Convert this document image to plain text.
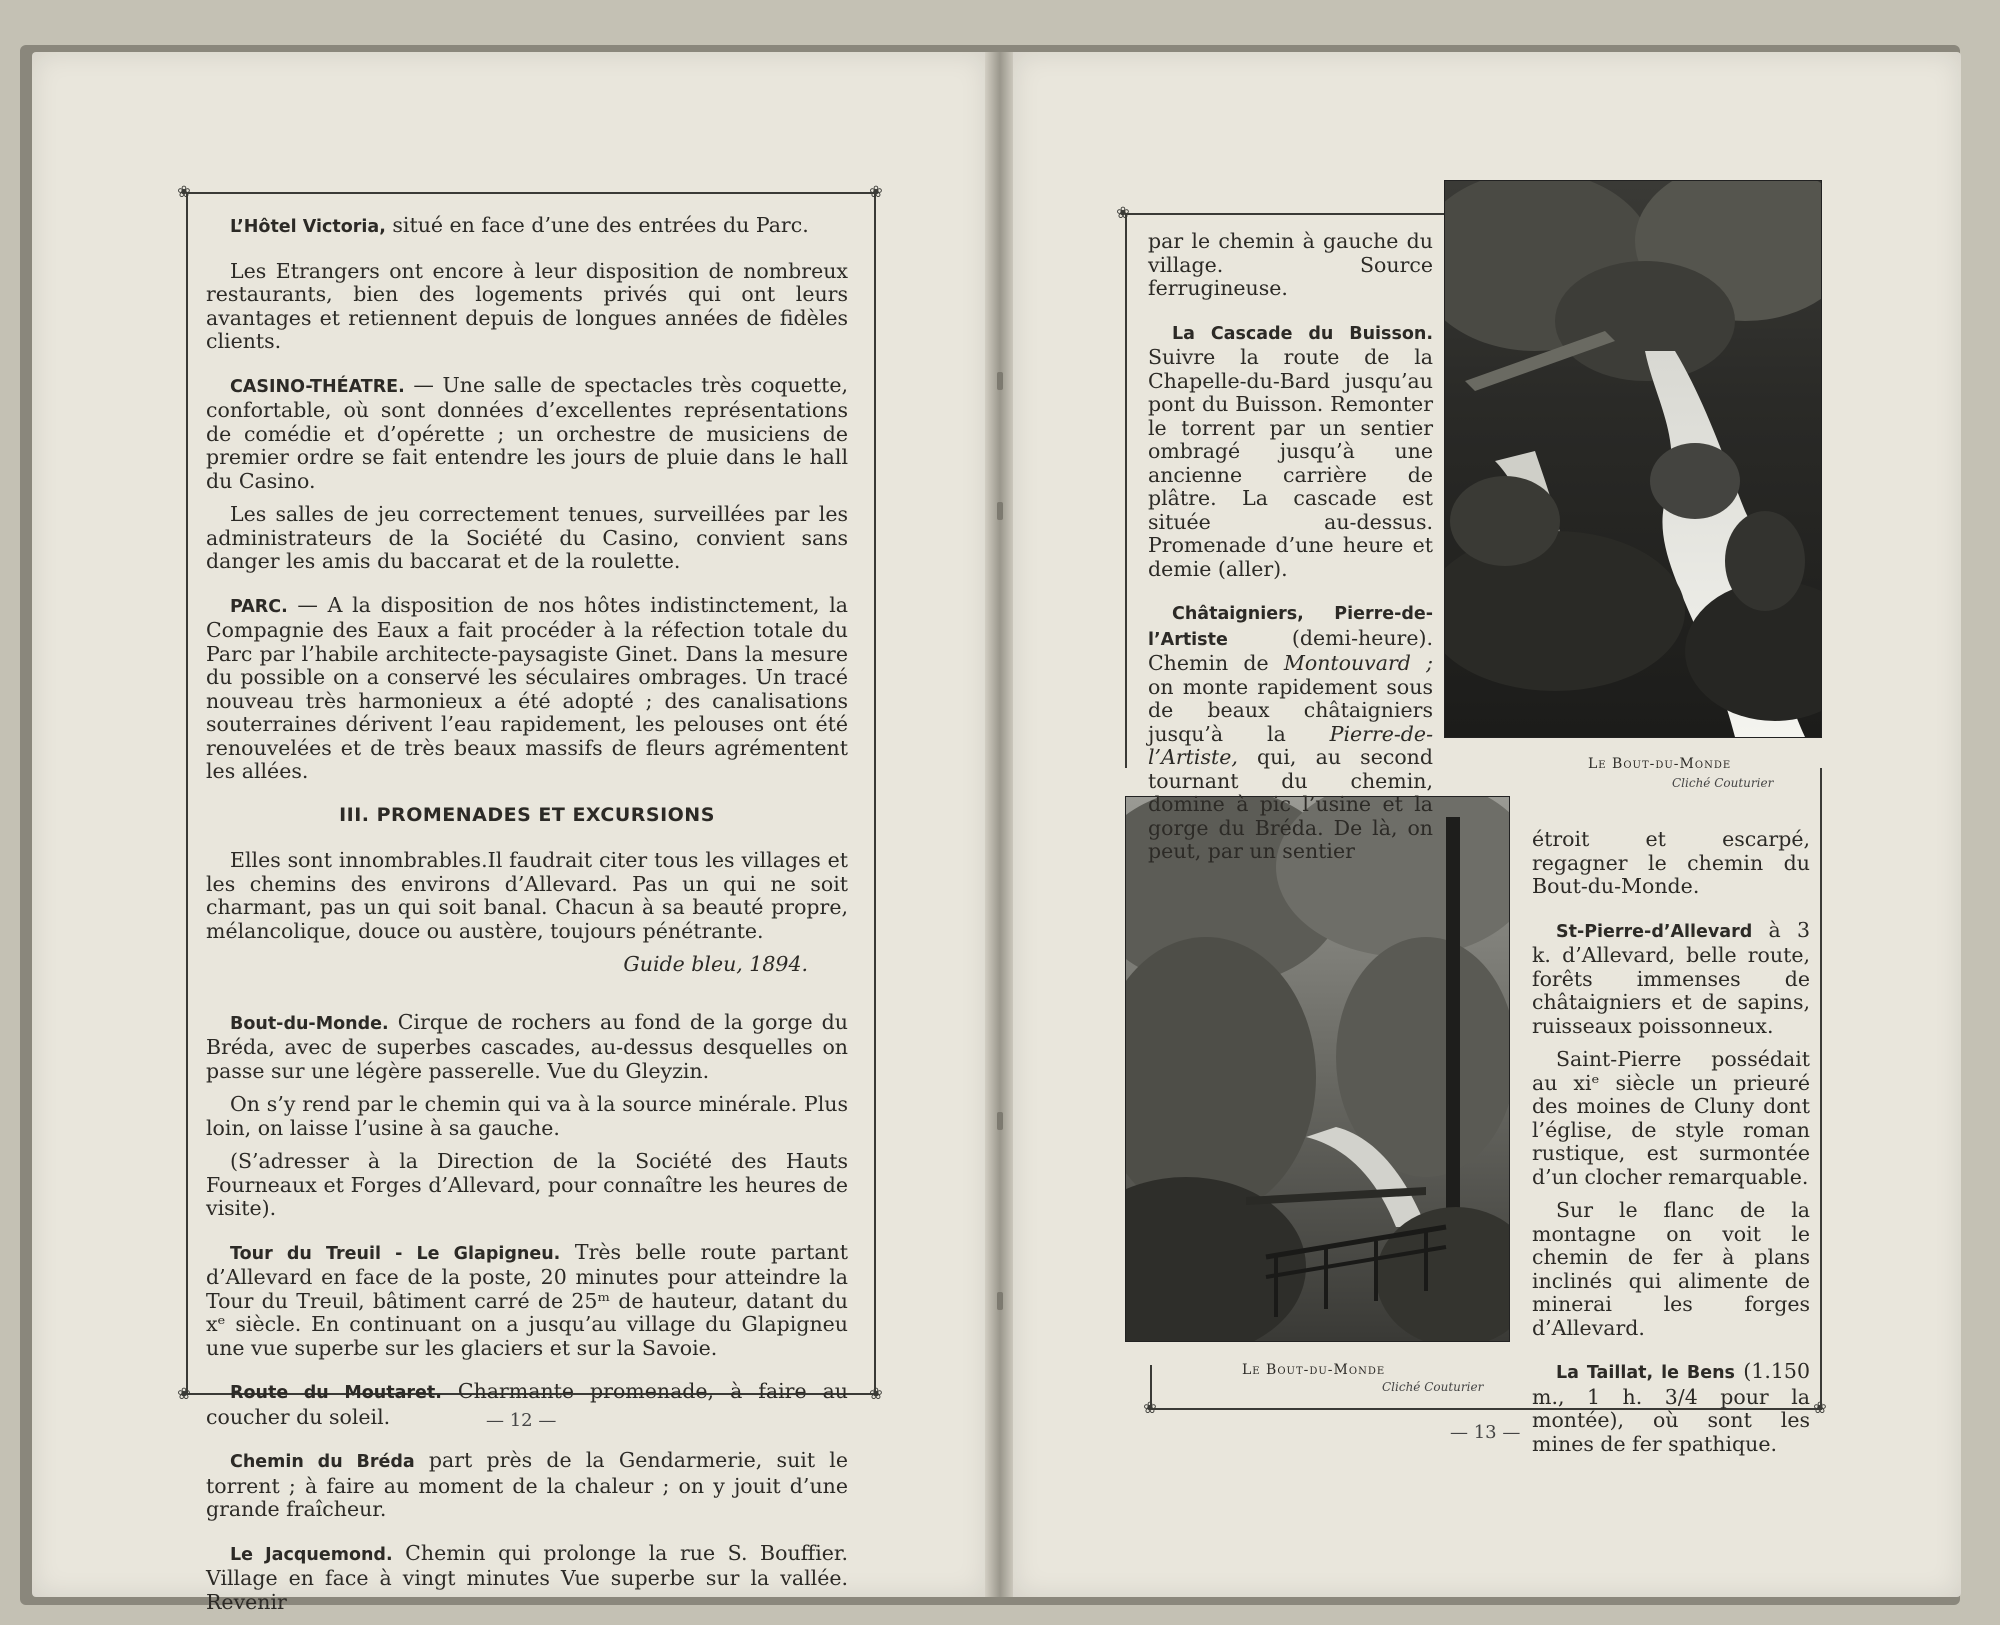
❀	❀
❀	❀

L’Hôtel Victoria, situé en face d’une des entrées du Parc.

Les Etrangers ont encore à leur disposition de nombreux restaurants, bien des logements privés qui ont leurs avantages et retiennent depuis de longues années de fidèles clients.

CASINO-THÉATRE. — Une salle de spectacles très coquette, confortable, où sont données d’excellentes représentations de comédie et d’opérette ; un orchestre de musiciens de premier ordre se fait entendre les jours de pluie dans le hall du Casino.

Les salles de jeu correctement tenues, surveillées par les administrateurs de la Société du Casino, convient sans danger les amis du baccarat et de la roulette.

PARC. — A la disposition de nos hôtes indistinctement, la Compagnie des Eaux a fait procéder à la réfection totale du Parc par l’habile architecte-paysagiste Ginet. Dans la mesure du possible on a conservé les séculaires ombrages. Un tracé nouveau très harmonieux a été adopté ; des canalisations souterraines dérivent l’eau rapidement, les pelouses ont été renouvelées et de très beaux massifs de fleurs agrémentent les allées.

III. PROMENADES ET EXCURSIONS

Elles sont innombrables.Il faudrait citer tous les villages et les chemins des environs d’Allevard. Pas un qui ne soit charmant, pas un qui soit banal. Chacun à sa beauté propre, mélancolique, douce ou austère, toujours pénétrante.

Guide bleu, 1894.

Bout-du-Monde. Cirque de rochers au fond de la gorge du Bréda, avec de superbes cascades, au-dessus desquelles on passe sur une légère passerelle. Vue du Gleyzin.

On s’y rend par le chemin qui va à la source minérale. Plus loin, on laisse l’usine à sa gauche.

(S’adresser à la Direction de la Société des Hauts Fourneaux et Forges d’Allevard, pour connaître les heures de visite).

Tour du Treuil - Le Glapigneu. Très belle route partant d’Allevard en face de la poste, 20 minutes pour atteindre la Tour du Treuil, bâtiment carré de 25ᵐ de hauteur, datant du xᵉ siècle. En continuant on a jusqu’au village du Glapigneu une vue superbe sur les glaciers et sur la Savoie.

Route du Moutaret. Charmante promenade, à faire au coucher du soleil.

Chemin du Bréda part près de la Gendarmerie, suit le torrent ; à faire au moment de la chaleur ; on y jouit d’une grande fraîcheur.

Le Jacquemond. Chemin qui prolonge la rue S. Bouffier. Village en face à vingt minutes Vue superbe sur la vallée. Revenir

— 12 —
❀
❀
❀
Le Bout-du-Monde
Cliché Couturier
Le Bout-du-Monde
Cliché Couturier

par le chemin à gauche du village. Source ferrugineuse.

La Cascade du Buisson. Suivre la route de la Chapelle-du-Bard jusqu’au pont du Buisson. Remonter le torrent par un sentier ombragé jusqu’à une ancienne carrière de plâtre. La cascade est située au-dessus. Promenade d’une heure et demie (aller).

Châtaigniers, Pierre-de-l’Artiste (demi-heure). Chemin de Montouvard ; on monte rapidement sous de beaux châtaigniers jusqu’à la Pierre-de-l’Artiste, qui, au second tournant du chemin, domine à pic l’usine et la gorge du Bréda. De là, on peut, par un sentier	étroit et escarpé, regagner le chemin du Bout-du-Monde.

St-Pierre-d’Allevard à 3 k. d’Allevard, belle route, forêts immenses de châtaigniers et de sapins, ruisseaux poissonneux.

Saint-Pierre possédait au xiᵉ siècle un prieuré des moines de Cluny dont l’église, de style roman rustique, est surmontée d’un clocher remarquable.

Sur le flanc de la montagne on voit le chemin de fer à plans inclinés qui alimente de minerai les forges d’Allevard.

La Taillat, le Bens (1.150 m., 1 h. 3/4 pour la montée), où sont les mines de fer spathique.

— 13 —
